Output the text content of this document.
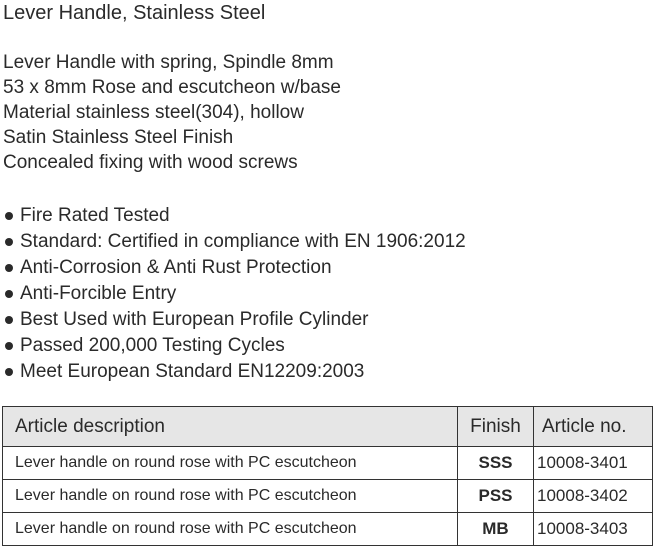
Lever Handle, Stainless Steel
Lever Handle with spring, Spindle 8mm
53 x 8mm Rose and escutcheon w/base
Material stainless steel(304), hollow
Satin Stainless Steel Finish
Concealed fixing with wood screws
Fire Rated Tested
Standard: Certified in compliance with EN 1906:2012
Anti-Corrosion & Anti Rust Protection
Anti-Forcible Entry
Best Used with European Profile Cylinder
Passed 200,000 Testing Cycles
Meet European Standard EN12209:2003
Article description	Finish	Article no.
Lever handle on round rose with PC escutcheon	SSS	10008-3401
Lever handle on round rose with PC escutcheon	PSS	10008-3402
Lever handle on round rose with PC escutcheon	MB	10008-3403
